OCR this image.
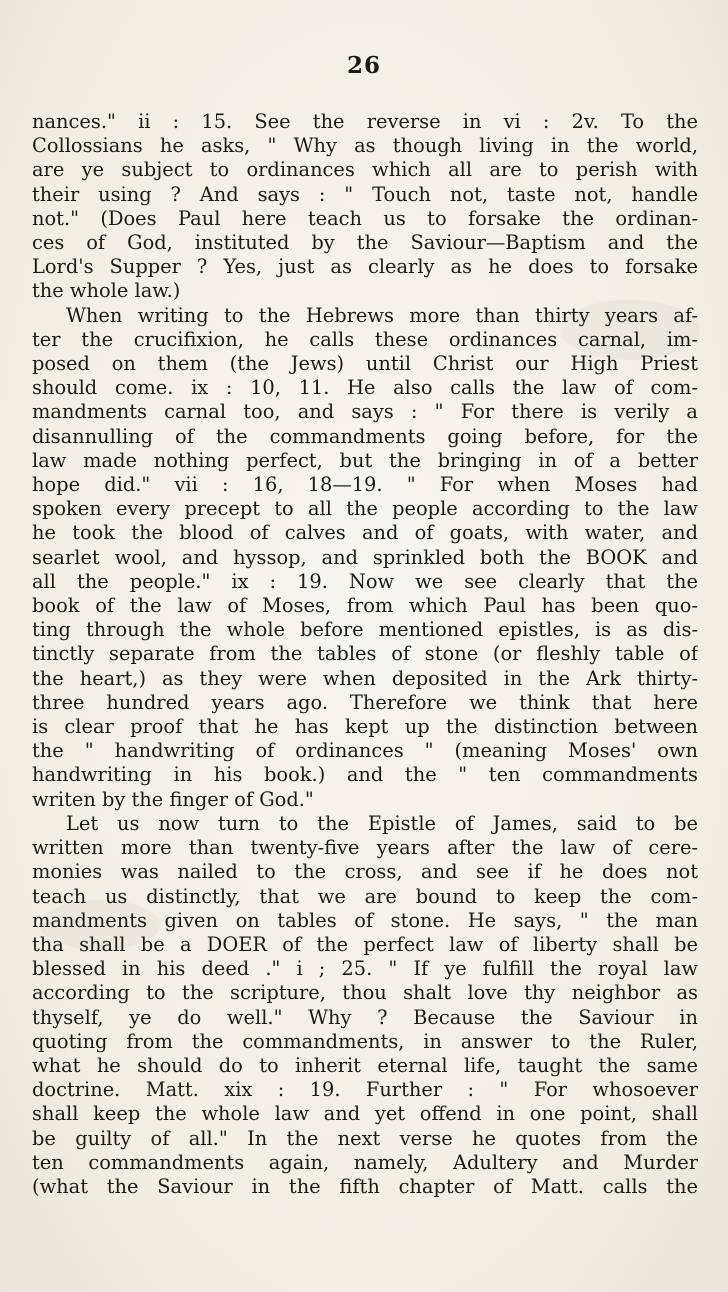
26
nances." ii : 15. See the reverse in vi : 2v. To the
Collossians he asks, " Why as though living in the world,
are ye subject to ordinances which all are to perish with
their using ? And says : " Touch not, taste not, handle
not." (Does Paul here teach us to forsake the ordinan-
ces of God, instituted by the Saviour—Baptism and the
Lord's Supper ? Yes, just as clearly as he does to forsake
the whole law.)
When writing to the Hebrews more than thirty years af-
ter the crucifixion, he calls these ordinances carnal, im-
posed on them (the Jews) until Christ our High Priest
should come. ix : 10, 11. He also calls the law of com-
mandments carnal too, and says : " For there is verily a
disannulling of the commandments going before, for the
law made nothing perfect, but the bringing in of a better
hope did." vii : 16, 18—19. " For when Moses had
spoken every precept to all the people according to the law
he took the blood of calves and of goats, with water, and
searlet wool, and hyssop, and sprinkled both the BOOK and
all the people." ix : 19. Now we see clearly that the
book of the law of Moses, from which Paul has been quo-
ting through the whole before mentioned epistles, is as dis-
tinctly separate from the tables of stone (or fleshly table of
the heart,) as they were when deposited in the Ark thirty-
three hundred years ago. Therefore we think that here
is clear proof that he has kept up the distinction between
the " handwriting of ordinances " (meaning Moses' own
handwriting in his book.) and the " ten commandments
writen by the finger of God."
Let us now turn to the Epistle of James, said to be
written more than twenty-five years after the law of cere-
monies was nailed to the cross, and see if he does not
teach us distinctly, that we are bound to keep the com-
mandments given on tables of stone. He says, " the man
tha shall be a DOER of the perfect law of liberty shall be
blessed in his deed ." i ; 25. " If ye fulfill the royal law
according to the scripture, thou shalt love thy neighbor as
thyself, ye do well." Why ? Because the Saviour in
quoting from the commandments, in answer to the Ruler,
what he should do to inherit eternal life, taught the same
doctrine. Matt. xix : 19. Further : " For whosoever
shall keep the whole law and yet offend in one point, shall
be guilty of all." In the next verse he quotes from the
ten commandments again, namely, Adultery and Murder
(what the Saviour in the fifth chapter of Matt. calls the
